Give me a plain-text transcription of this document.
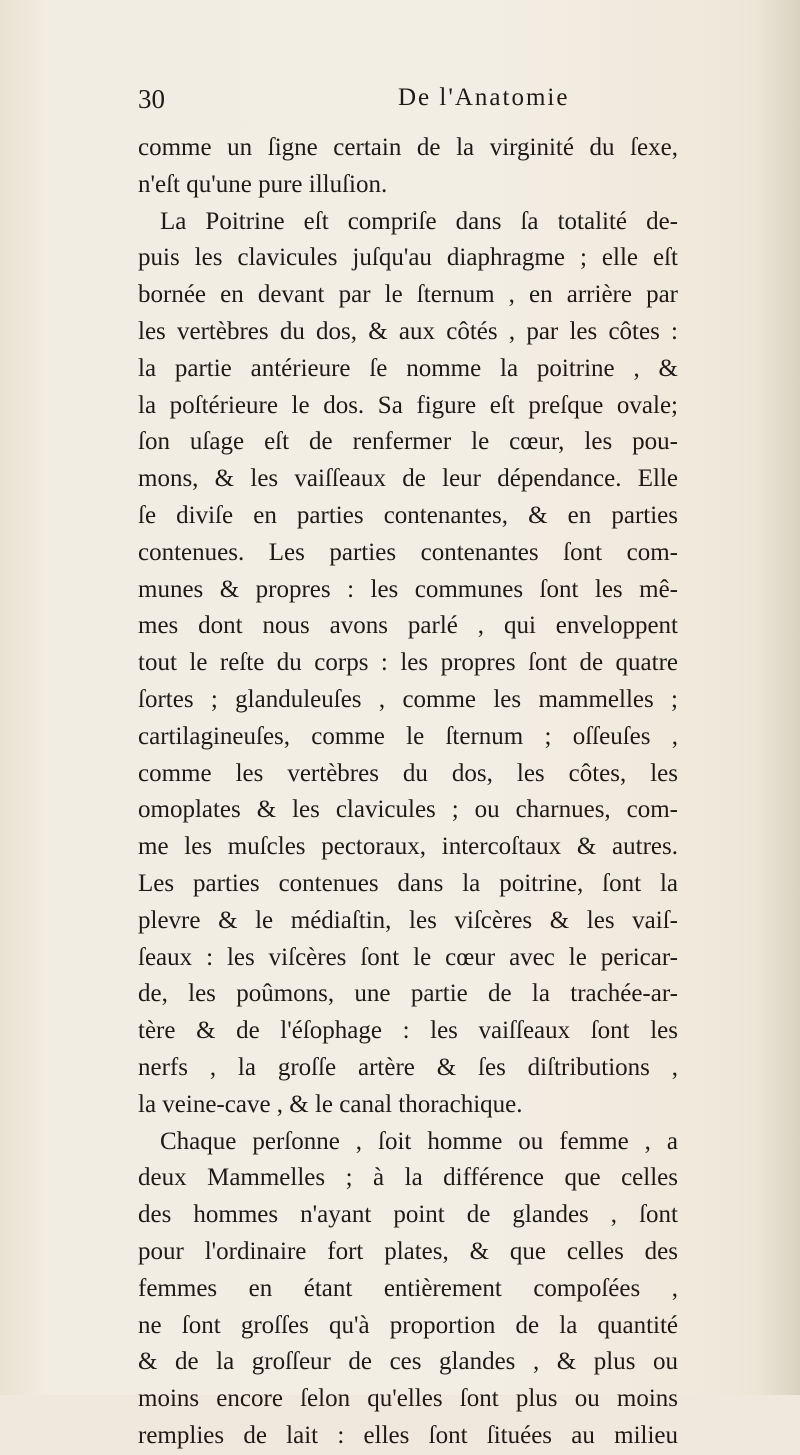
30	De l'Anatomie
comme un ſigne certain de la virginité du ſexe,
n'eſt qu'une pure illuſion.
La Poitrine eſt compriſe dans ſa totalité de-
puis les clavicules juſqu'au diaphragme ; elle eſt
bornée en devant par le ſternum , en arrière par
les vertèbres du dos, & aux côtés , par les côtes :
la partie antérieure ſe nomme la poitrine , &
la poſtérieure le dos. Sa figure eſt preſque ovale;
ſon uſage eſt de renfermer le cœur, les pou-
mons, & les vaiſſeaux de leur dépendance. Elle
ſe diviſe en parties contenantes, & en parties
contenues. Les parties contenantes ſont com-
munes & propres : les communes ſont les mê-
mes dont nous avons parlé , qui enveloppent
tout le reſte du corps : les propres ſont de quatre
ſortes ; glanduleuſes , comme les mammelles ;
cartilagineuſes, comme le ſternum ; oſſeuſes ,
comme les vertèbres du dos, les côtes, les
omoplates & les clavicules ; ou charnues, com-
me les muſcles pectoraux, intercoſtaux & autres.
Les parties contenues dans la poitrine, ſont la
plevre & le médiaſtin, les viſcères & les vaiſ-
ſeaux : les viſcères ſont le cœur avec le pericar-
de, les poûmons, une partie de la trachée-ar-
tère & de l'éſophage : les vaiſſeaux ſont les
nerfs , la groſſe artère & ſes diſtributions ,
la veine-cave , & le canal thorachique.
Chaque perſonne , ſoit homme ou femme , a
deux Mammelles ; à la différence que celles
des hommes n'ayant point de glandes , ſont
pour l'ordinaire fort plates, & que celles des
femmes en étant entièrement compoſées ,
ne ſont groſſes qu'à proportion de la quantité
& de la groſſeur de ces glandes , & plus ou
moins encore ſelon qu'elles ſont plus ou moins
remplies de lait : elles ſont ſituées au milieu
